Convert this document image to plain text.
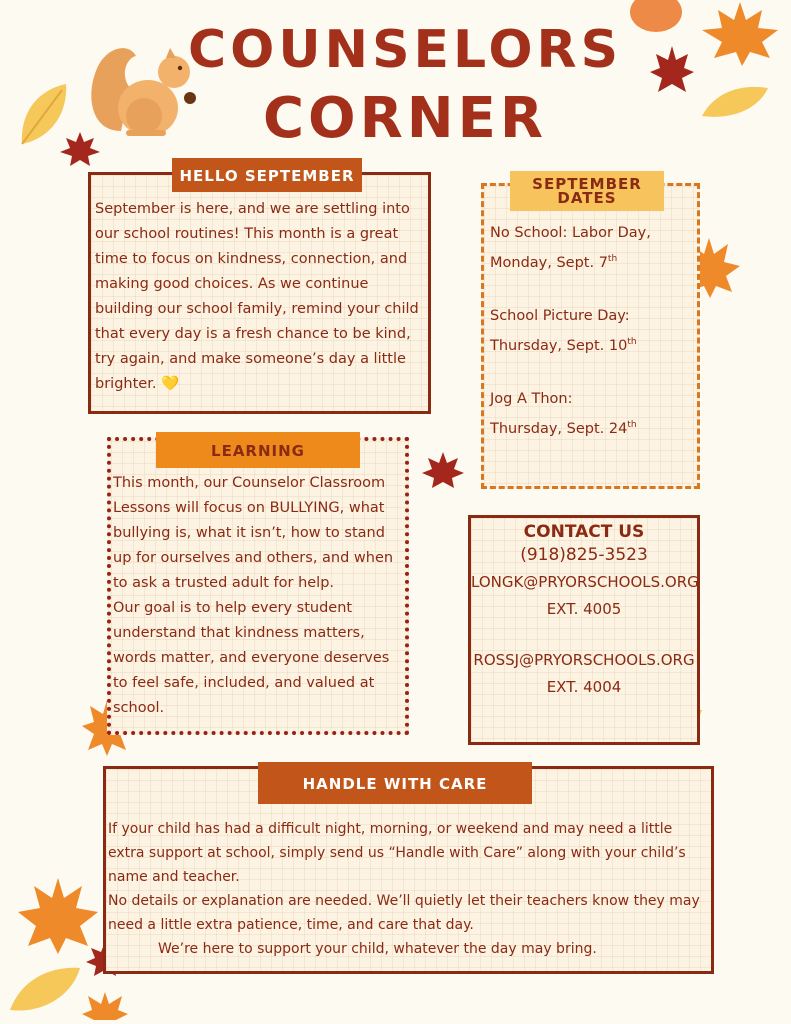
COUNSELORS
CORNER
September is here, and we are settling into our school routines! This month is a great time to focus on kindness, connection, and making good choices. As we continue building our school family, remind your child that every day is a fresh chance to be kind, try again, and make someone’s day a little brighter. 💛
HELLO SEPTEMBER

No School: Labor Day,
Monday, Sept. 7th

School Picture Day:
Thursday, Sept. 10th

Jog A Thon:
Thursday, Sept. 24th

SEPTEMBER DATES
This month, our Counselor Classroom Lessons will focus on BULLYING, what bullying is, what it isn’t, how to stand up for ourselves and others, and when to ask a trusted adult for help.
Our goal is to help every student understand that kindness matters, words matter, and everyone deserves to feel safe, included, and valued at school.
LEARNING
CONTACT US
(918)825-3523
LONGK@PRYORSCHOOLS.ORG
EXT. 4005
ROSSJ@PRYORSCHOOLS.ORG
EXT. 4004

If your child has had a difficult night, morning, or weekend and may need a little extra support at school, simply send us “Handle with Care” along with your child’s name and teacher.

No details or explanation are needed. We’ll quietly let their teachers know they may need a little extra patience, time, and care that day.

We’re here to support your child, whatever the day may bring.

HANDLE WITH CARE
